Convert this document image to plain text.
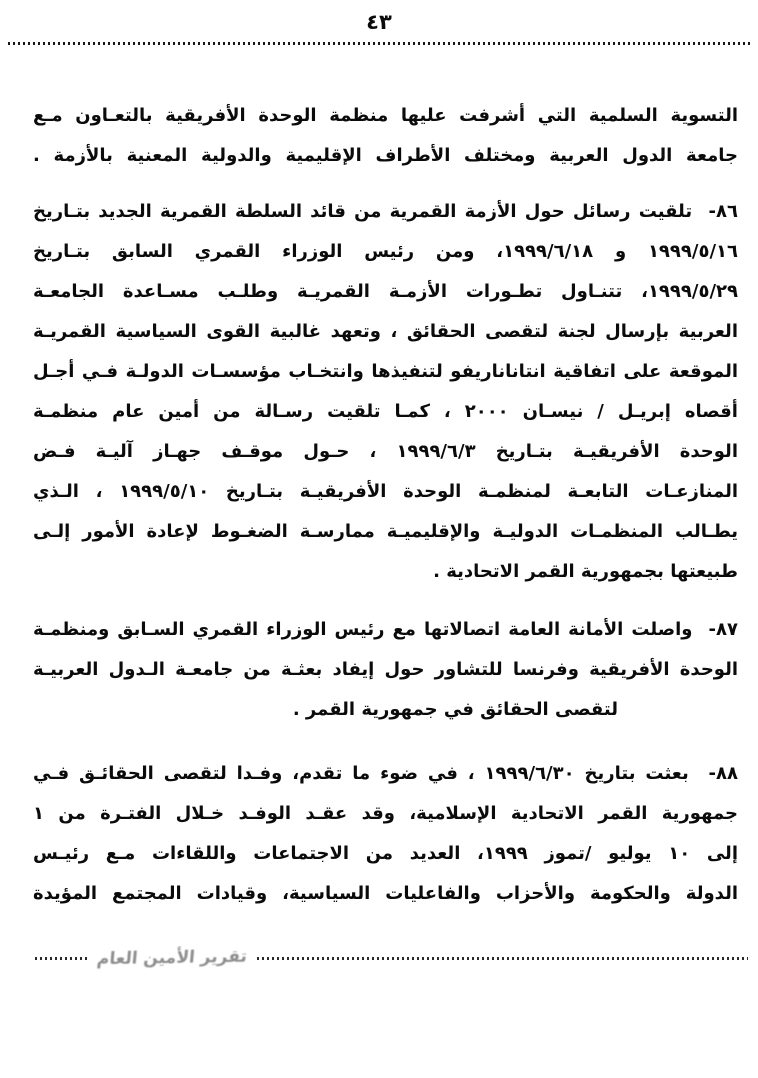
٤٣
التسوية السلمية التي أشرفت عليها منظمة الوحدة الأفريقية بالتعـاون مـع
جامعة الدول العربية ومختلف الأطراف الإقليمية والدولية المعنية بالأزمة .
٨٦-  تلقيت رسائل حول الأزمة القمرية من قائد السلطة القمرية الجديد بتـاريخ
١٩٩٩/٥/١٦ و ١٩٩٩/٦/١٨، ومن رئيس الوزراء القمري السابق بتـاريخ
١٩٩٩/٥/٢٩، تتنـاول تطـورات الأزمـة القمريـة وطلـب مسـاعدة الجامعـة
العربية بإرسال لجنة لتقصى الحقائق ، وتعهد غالبية القوى السياسية القمريـة
الموقعة على اتفاقية انتاناناريفو لتنفيذها وانتخـاب مؤسسـات الدولـة فـي أجـل
أقصاه إبريـل / نيسـان ٢٠٠٠ ، كمـا تلقيت رسـالة من أمين عام منظمـة
الوحدة الأفريقيـة بتـاريخ ١٩٩٩/٦/٣ ، حـول موقـف جهـاز آليـة فـض
المنازعـات التابعـة لمنظمـة الوحدة الأفريقيـة بتـاريخ ١٩٩٩/٥/١٠ ، الـذي
يطـالب المنظمـات الدوليـة والإقليميـة ممارسـة الضغـوط لإعادة الأمور إلـى
طبيعتها بجمهورية القمر الاتحادية .
٨٧-  واصلت الأمانة العامة اتصالاتها مع رئيس الوزراء القمري السـابق ومنظمـة
الوحدة الأفريقية وفرنسا للتشاور حول إيفاد بعثـة من جامعـة الـدول العربيـة
لتقصى الحقائق في جمهورية القمر .
٨٨-  بعثت بتاريخ ١٩٩٩/٦/٣٠ ، في ضوء ما تقدم، وفـدا لتقصى الحقائـق فـي
جمهورية القمر الاتحادية الإسلامية، وقد عقـد الوفـد خـلال الفتـرة من ١
إلى ١٠ يوليو /تموز ١٩٩٩، العديد من الاجتماعات واللقاءات مـع رئيـس
الدولة والحكومة والأحزاب والفاعليات السياسية، وقيادات المجتمع المؤيدة
تقرير الأمين العام
